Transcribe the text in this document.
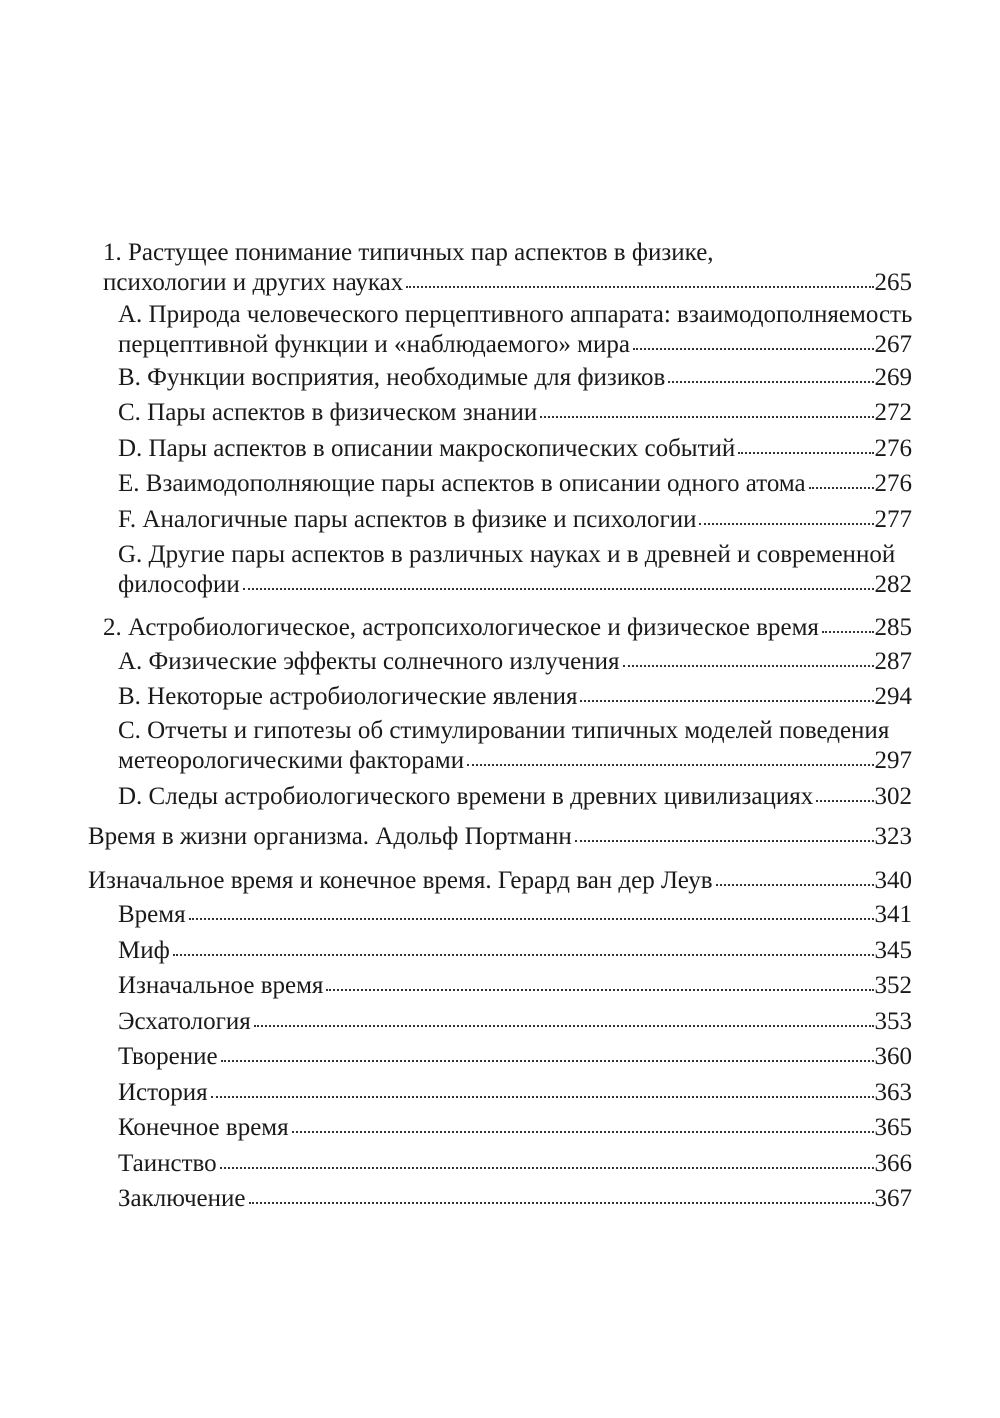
1. Растущее понимание типичных пар аспектов в физике,
психологии и других науках	265
A. Природа человеческого перцептивного аппарата: взаимодополняемость
перцептивной функции и «наблюдаемого» мира	267
B. Функции восприятия, необходимые для физиков	269
C. Пары аспектов в физическом знании	272
D. Пары аспектов в описании макроскопических событий	276
E. Взаимодополняющие пары аспектов в описании одного атома	276
F. Аналогичные пары аспектов в физике и психологии	277
G. Другие пары аспектов в различных науках и в древней и современной
философии	282
2. Астробиологическое, астропсихологическое и физическое время 285
A. Физические эффекты солнечного излучения	287
B. Некоторые астробиологические явления	294
C. Отчеты и гипотезы об стимулировании типичных моделей поведения
метеорологическими факторами	297
D. Следы астробиологического времени в древних цивилизациях 302
Время в жизни организма. Адольф Портманн	323
Изначальное время и конечное время. Герард ван дер Леув	340
Время	341
Миф	345
Изначальное время	352
Эсхатология	353
Творение	360
История	363
Конечное время	365
Таинство	366
Заключение	367
